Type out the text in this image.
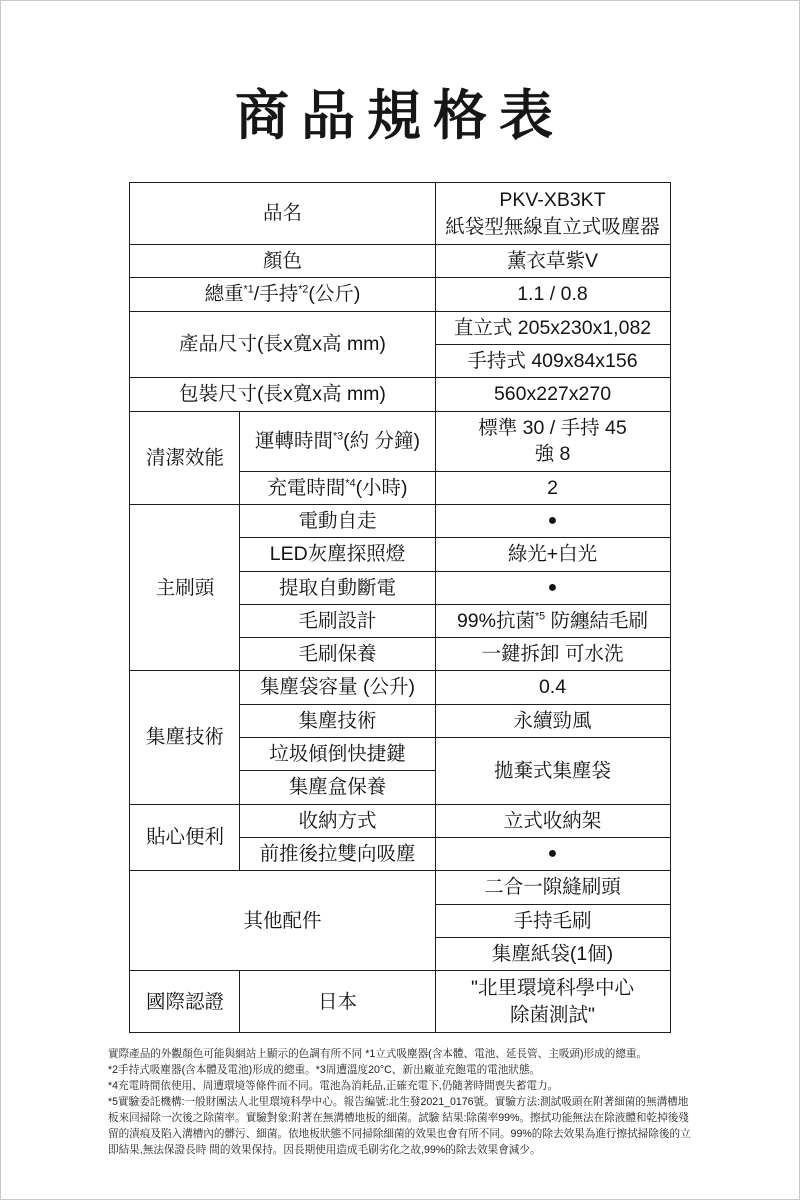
商品規格表
品名		PKV-XB3KT
紙袋型無線直立式吸塵器

顏色		薰衣草紫V
總重$^{*1}$/手持$^{*2}$(公斤)		1.1 / 0.8
產品尺寸(長x寬x高 mm)		直立式 205x230x1,082
		手持式 409x84x156
包裝尺寸(長x寬x高 mm)		560x227x270
清潔效能	運轉時間$^{*3}$(約 分鐘)	標準 30 / 手持 45
強 8

	充電時間$^{*4}$(小時)	2
主刷頭	電動自走	●
	LED灰塵探照燈	綠光+白光
	提取自動斷電	●
	毛刷設計	99%抗菌$^{*5}$ 防纏結毛刷
	毛刷保養	一鍵拆卸 可水洗
集塵技術	集塵袋容量 (公升)	0.4
	集塵技術	永續勁風
	垃圾傾倒快捷鍵	拋棄式集塵袋
	集塵盒保養	
貼心便利	收納方式	立式收納架
	前推後拉雙向吸塵	●
其他配件		二合一隙縫刷頭
		手持毛刷
		集塵紙袋(1個)
國際認證	日本	"北里環境科學中心
除菌測試"

實際產品的外觀顏色可能與網站上顯示的色調有所不同 *1立式吸塵器(含本體、電池、延長管、主吸頭)形成的總重。

*2手持式吸塵器(含本體及電池)形成的總重。*3周遭溫度20°C、新出廠並充飽電的電池狀態。

*4充電時間依使用、周遭環境等條件而不同。電池為消耗品,正確充電下,仍隨著時間喪失蓄電力。

*5實驗委託機構:一般財團法人北里環境科學中心。報告編號:北生發2021_0176號。實驗方法:測試吸頭在附著細菌的無溝槽地板來回掃除一次後之除菌率。實驗對象:附著在無溝槽地板的細菌。試驗 結果:除菌率99%。擦拭功能無法在除液體和乾掉後殘留的漬痕及陷入溝槽內的髒污、細菌。依地板狀態不同掃除細菌的效果也會有所不同。99%的除去效果為進行擦拭掃除後的立即結果,無法保證長時 間的效果保持。因長期使用造成毛刷劣化之故,99%的除去效果會減少。
